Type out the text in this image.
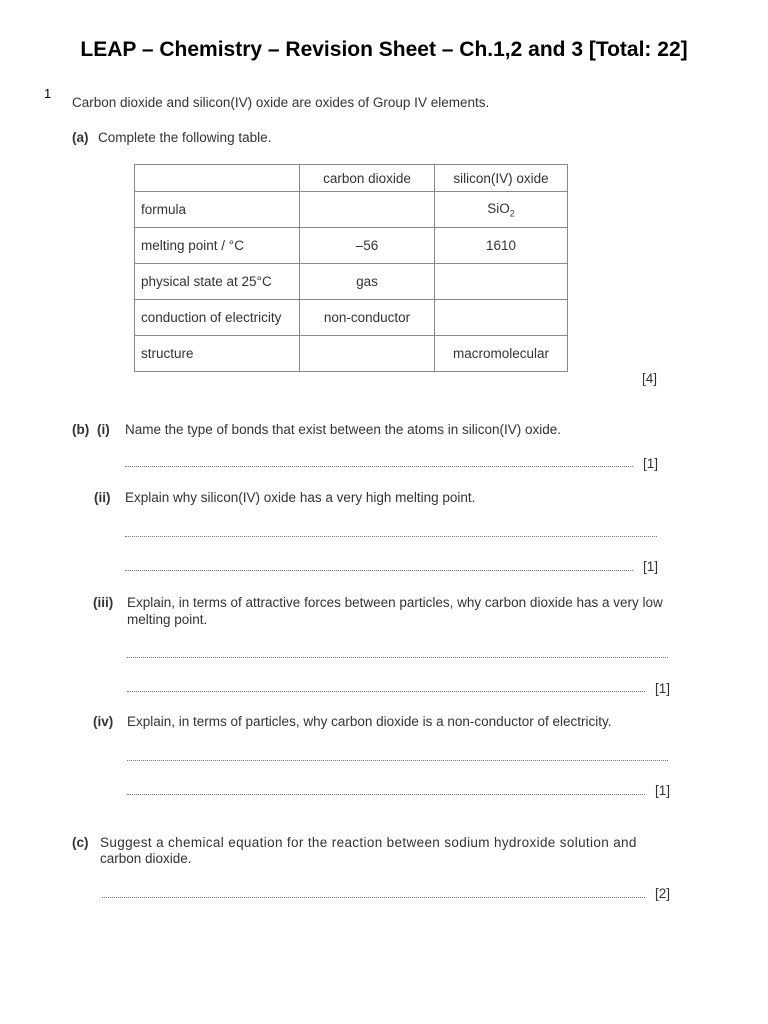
LEAP – Chemistry – Revision Sheet – Ch.1,2 and 3 [Total: 22]
1
Carbon dioxide and silicon(IV) oxide are oxides of Group IV elements.
(a) Complete the following table.
	carbon dioxide	silicon(IV) oxide
formula		SiO$_2$
melting point / °C	–56	1610
physical state at 25°C	gas	
conduction of electricity	non-conductor	
structure		macromolecular
[4]
(b) (i) Name the type of bonds that exist between the atoms in silicon(IV) oxide.
[1]
(ii) Explain why silicon(IV) oxide has a very high melting point.
[1]
(iii) Explain, in terms of attractive forces between particles, why carbon dioxide has a very low
melting point.
[1]
(iv) Explain, in terms of particles, why carbon dioxide is a non-conductor of electricity.
[1]
(c) Suggest a chemical equation for the reaction between sodium hydroxide solution and
carbon dioxide.
[2]
